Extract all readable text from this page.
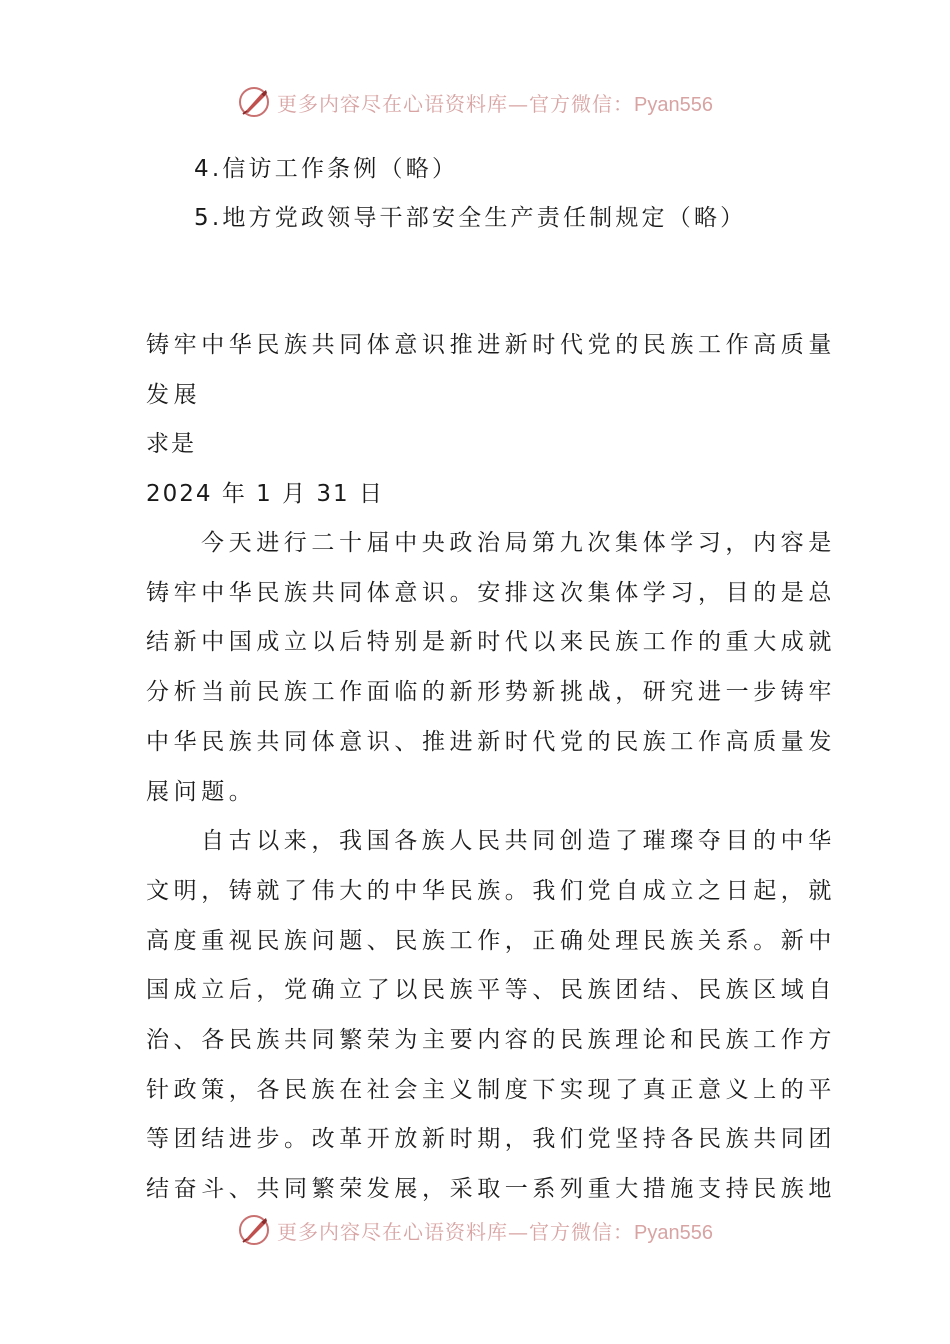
更多内容尽在心语资料库—官方微信：Pyan556
4.信访工作条例（略）
5.地方党政领导干部安全生产责任制规定（略）
铸牢中华民族共同体意识推进新时代党的民族工作高质量
发展
求是
2024 年 1 月 31 日
今天进行二十届中央政治局第九次集体学习，内容是
铸牢中华民族共同体意识。安排这次集体学习，目的是总
结新中国成立以后特别是新时代以来民族工作的重大成就
分析当前民族工作面临的新形势新挑战，研究进一步铸牢
中华民族共同体意识、推进新时代党的民族工作高质量发
展问题。
自古以来，我国各族人民共同创造了璀璨夺目的中华
文明，铸就了伟大的中华民族。我们党自成立之日起，就
高度重视民族问题、民族工作，正确处理民族关系。新中
国成立后，党确立了以民族平等、民族团结、民族区域自
治、各民族共同繁荣为主要内容的民族理论和民族工作方
针政策，各民族在社会主义制度下实现了真正意义上的平
等团结进步。改革开放新时期，我们党坚持各民族共同团
结奋斗、共同繁荣发展，采取一系列重大措施支持民族地
更多内容尽在心语资料库—官方微信：Pyan556
